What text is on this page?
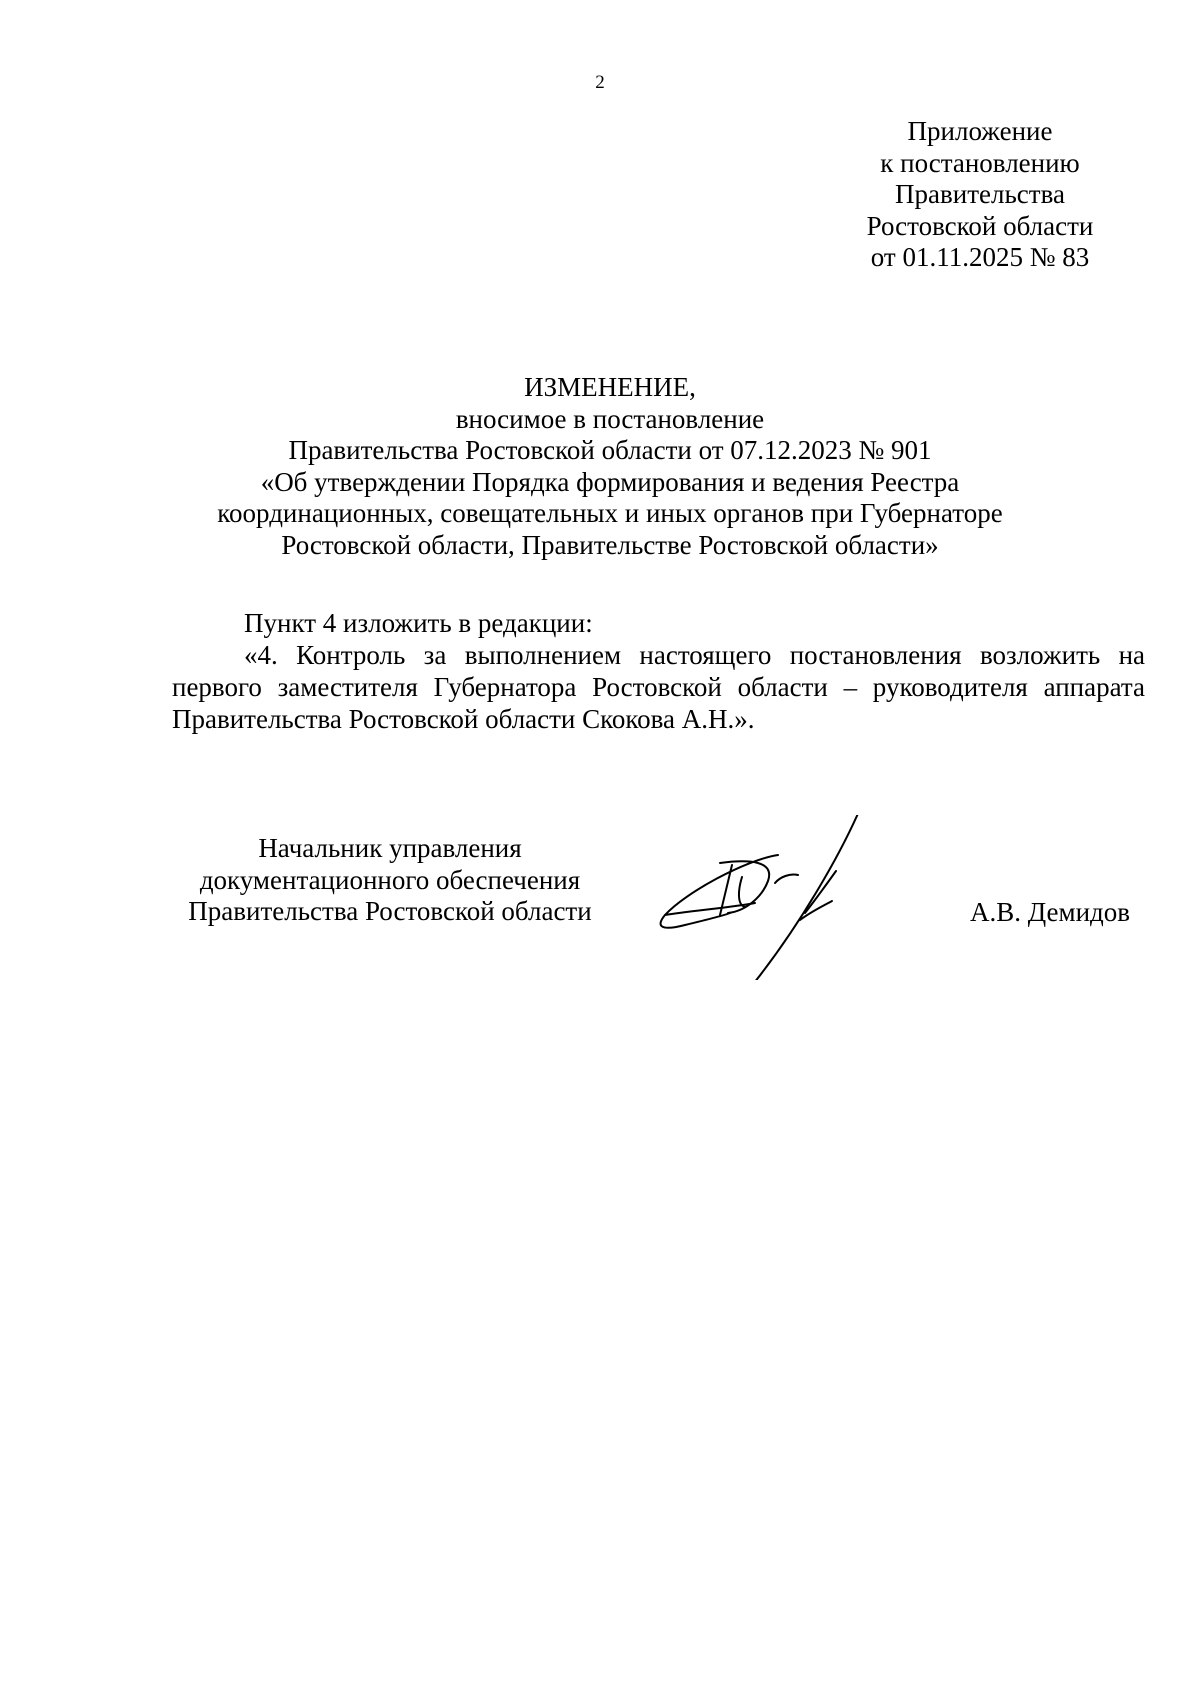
2
Приложение
к постановлению
Правительства
Ростовской области
от 01.11.2025 № 83
ИЗМЕНЕНИЕ,
вносимое в постановление
Правительства Ростовской области от 07.12.2023 № 901
«Об утверждении Порядка формирования и ведения Реестра
координационных, совещательных и иных органов при Губернаторе
Ростовской области, Правительстве Ростовской области»
Пункт 4 изложить в редакции:
«4. Контроль за выполнением настоящего постановления возложить на первого заместителя Губернатора Ростовской области – руководителя аппарата Правительства Ростовской области Скокова А.Н.».
Начальник управления
документационного обеспечения
Правительства Ростовской области	А.В. Демидов
